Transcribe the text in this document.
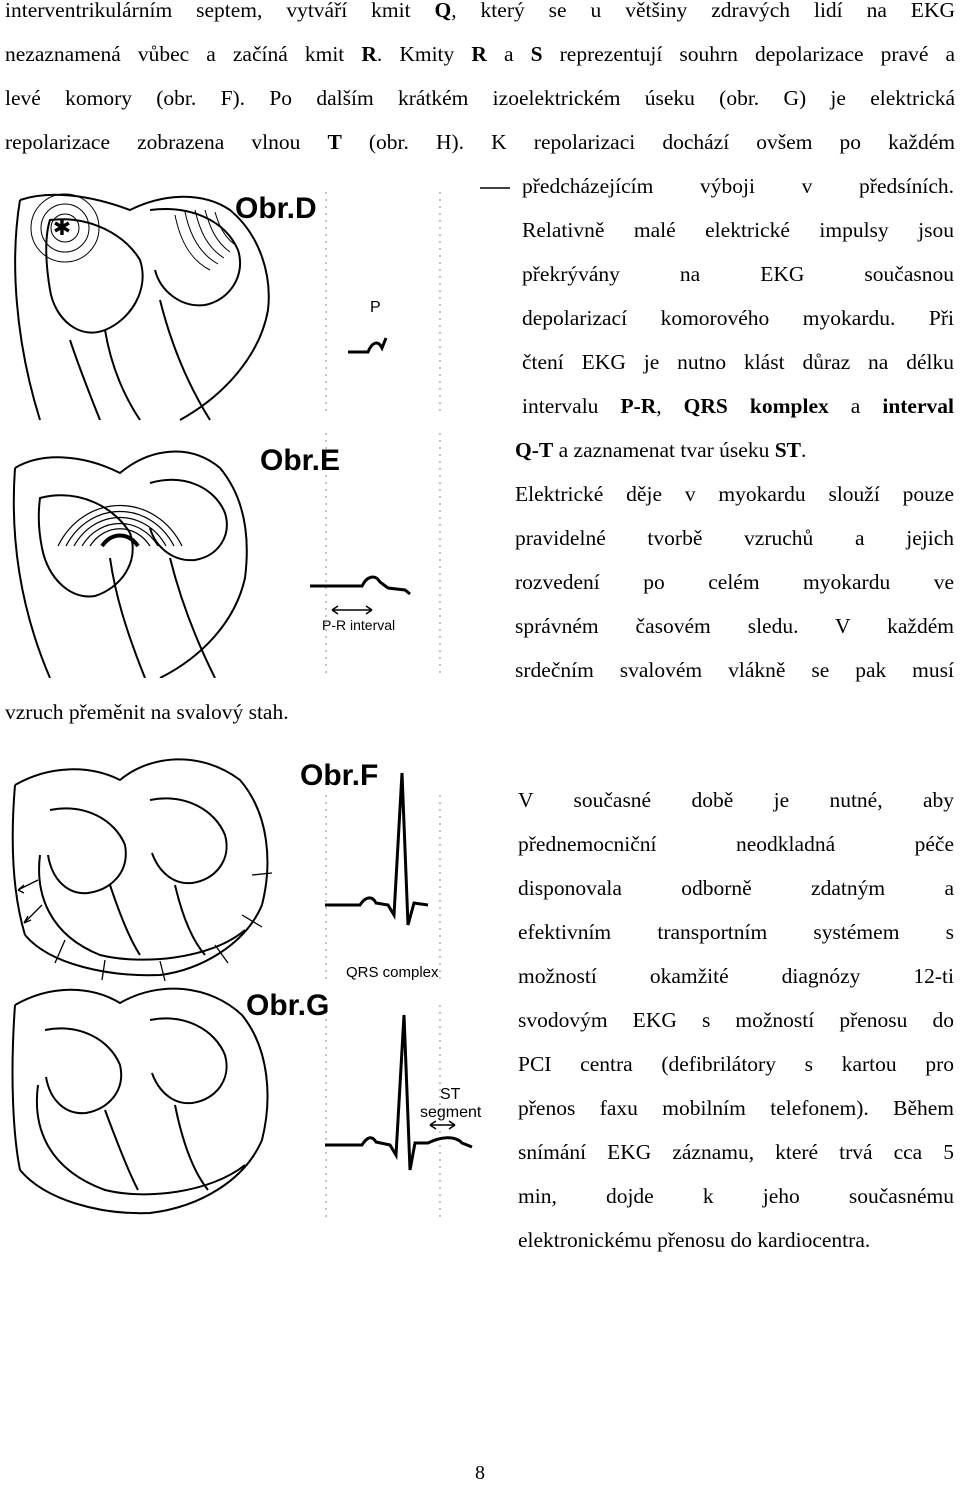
interventrikulárním septem, vytváří kmit Q, který se u většiny zdravých lidí na EKG
nezaznamená vůbec a začíná kmit R. Kmity R a S reprezentují souhrn depolarizace pravé a
levé komory (obr. F). Po dalším krátkém izoelektrickém úseku (obr. G) je elektrická
repolarizace zobrazena vlnou T (obr. H). K repolarizaci dochází ovšem po každém
předcházejícím výboji v předsíních.
Relativně malé elektrické impulsy jsou
překrývány na EKG současnou
depolarizací komorového myokardu. Při
čtení EKG je nutno klást důraz na délku
intervalu P-R, QRS komplex a interval
Q-T a zaznamenat tvar úseku ST.
Elektrické děje v myokardu slouží pouze
pravidelné tvorbě vzruchů a jejich
rozvedení po celém myokardu ve
správném časovém sledu. V každém
srdečním svalovém vlákně se pak musí
vzruch přeměnit na svalový stah.
V současné době je nutné, aby
přednemocniční neodkladná péče
disponovala odborně zdatným a
efektivním transportním systémem s
možností okamžité diagnózy 12-ti
svodovým EKG s možností přenosu do
PCI centra (defibrilátory s kartou pro
přenos faxu mobilním telefonem). Během
snímání EKG záznamu, které trvá cca 5
min, dojde k jeho současnému
elektronickému přenosu do kardiocentra.
✱
Obr.D
P
Obr.E
P-R interval
Obr.F
QRS complex
Obr.G
ST
segment
8
